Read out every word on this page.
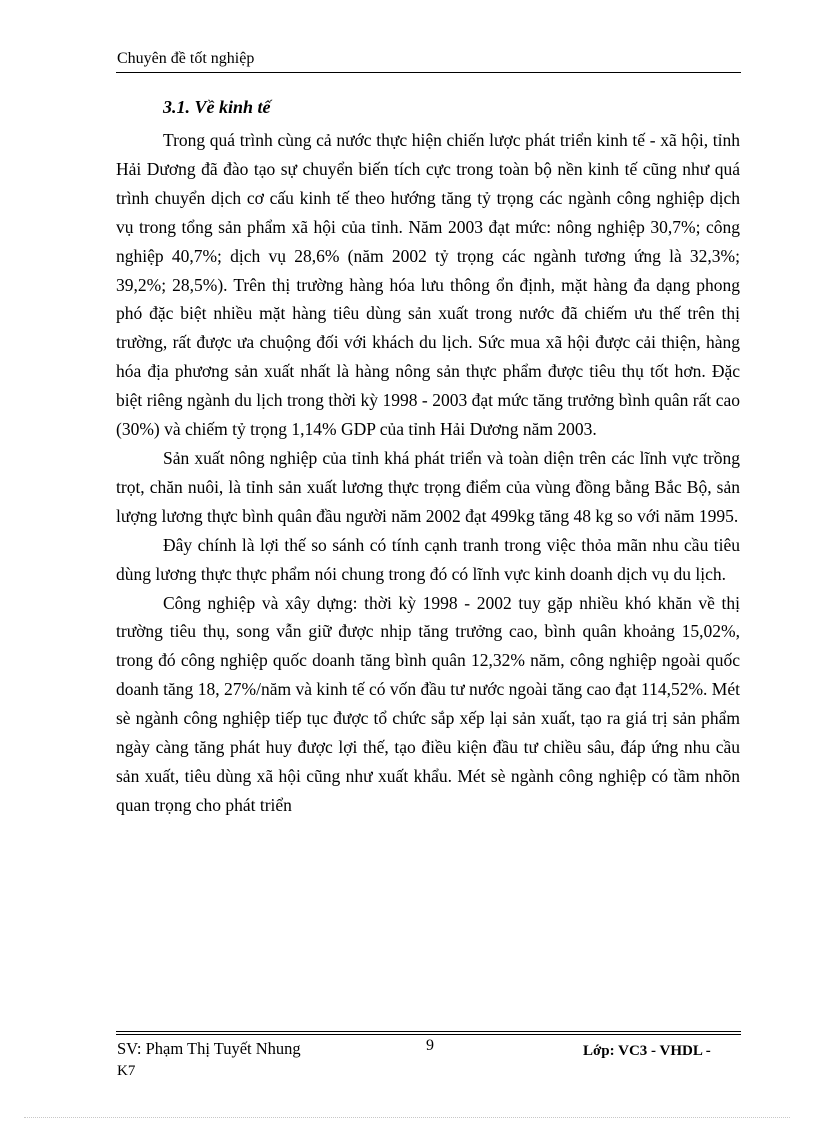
Chuyên đề tốt nghiệp
3.1. Về kinh tế

Trong quá trình cùng cả nước thực hiện chiến lược phát triển kinh tế - xã hội, tỉnh Hải Dương đã đào tạo sự chuyển biến tích cực trong toàn bộ nền kinh tế cũng như quá trình chuyển dịch cơ cấu kinh tế theo hướng tăng tỷ trọng các ngành công nghiệp dịch vụ trong tổng sản phẩm xã hội của tỉnh. Năm 2003 đạt mức: nông nghiệp 30,7%; công nghiệp 40,7%; dịch vụ 28,6% (năm 2002 tỷ trọng các ngành tương ứng là 32,3%; 39,2%; 28,5%). Trên thị trường hàng hóa lưu thông ổn định, mặt hàng đa dạng phong phó đặc biệt nhiều mặt hàng tiêu dùng sản xuất trong nước đã chiếm ưu thế trên thị trường, rất được ưa chuộng đối với khách du lịch. Sức mua xã hội được cải thiện, hàng hóa địa phương sản xuất nhất là hàng nông sản thực phẩm được tiêu thụ tốt hơn. Đặc biệt riêng ngành du lịch trong thời kỳ 1998 - 2003 đạt mức tăng trưởng bình quân rất cao (30%) và chiếm tỷ trọng 1,14% GDP của tỉnh Hải Dương năm 2003.

Sản xuất nông nghiệp của tỉnh khá phát triển và toàn diện trên các lĩnh vực trồng trọt, chăn nuôi, là tỉnh sản xuất lương thực trọng điểm của vùng đồng bằng Bắc Bộ, sản lượng lương thực bình quân đầu người năm 2002 đạt 499kg tăng 48 kg so với năm 1995.

Đây chính là lợi thế so sánh có tính cạnh tranh trong việc thỏa mãn nhu cầu tiêu dùng lương thực thực phẩm nói chung trong đó có lĩnh vực kinh doanh dịch vụ du lịch.

Công nghiệp và xây dựng: thời kỳ 1998 - 2002 tuy gặp nhiều khó khăn về thị trường tiêu thụ, song vẫn giữ được nhịp tăng trưởng cao, bình quân khoảng 15,02%, trong đó công nghiệp quốc doanh tăng bình quân 12,32% năm, công nghiệp ngoài quốc doanh tăng 18, 27%/năm và kinh tế có vốn đầu tư nước ngoài tăng cao đạt 114,52%. Mét sè ngành công nghiệp tiếp tục được tổ chức sắp xếp lại sản xuất, tạo ra giá trị sản phẩm ngày càng tăng phát huy được lợi thế, tạo điều kiện đầu tư chiều sâu, đáp ứng nhu cầu sản xuất, tiêu dùng xã hội cũng như xuất khẩu. Mét sè ngành công nghiệp có tầm nhõn quan trọng cho phát triển

SV: Phạm Thị Tuyết Nhung
K7
9	Lớp: VC3 - VHDL -
